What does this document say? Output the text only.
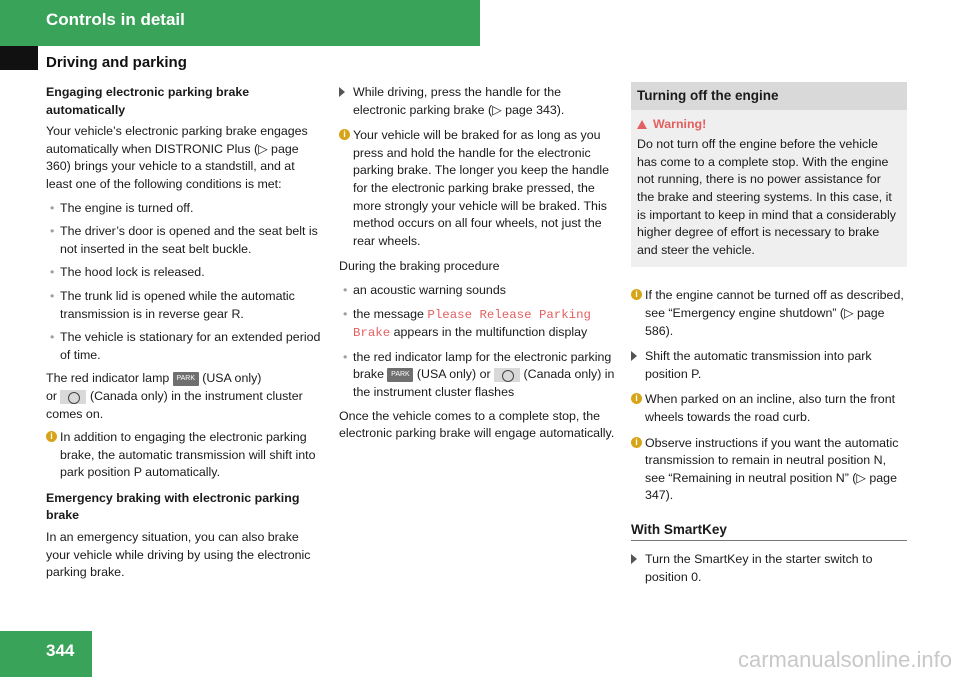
Controls in detail
Driving and parking
Engaging electronic parking brake automatically

Your vehicle’s electronic parking brake engages automatically when DISTRONIC Plus (▷ page 360) brings your vehicle to a standstill, and at least one of the following conditions is met:

• The engine is turned off.
• The driver’s door is opened and the seat belt is not inserted in the seat belt buckle.
• The hood lock is released.
• The trunk lid is opened while the automatic transmission is in reverse gear R.
• The vehicle is stationary for an extended period of time.

The red indicator lamp PARK (USA only)
or	(Canada only) in the instrument cluster comes on.

i In addition to engaging the electronic parking brake, the automatic transmission will shift into park position P automatically.
Emergency braking with electronic parking brake

In an emergency situation, you can also brake your vehicle while driving by using the electronic parking brake.

While driving, press the handle for the electronic parking brake (▷ page 343).
i Your vehicle will be braked for as long as you press and hold the handle for the electronic parking brake. The longer you keep the handle for the electronic parking brake pressed, the more strongly your vehicle will be braked. This method occurs on all four wheels, not just the rear wheels.

During the braking procedure

• an acoustic warning sounds
• the message Please Release Parking Brake appears in the multifunction display
• the red indicator lamp for the electronic parking brake PARK (USA only) or	(Canada only) in the instrument cluster flashes

Once the vehicle comes to a complete stop, the electronic parking brake will engage automatically.

Turning off the engine
Warning!

Do not turn off the engine before the vehicle has come to a complete stop. With the engine not running, there is no power assistance for the brake and steering systems. In this case, it is important to keep in mind that a considerably higher degree of effort is necessary to brake and steer the vehicle.

i If the engine cannot be turned off as described, see “Emergency engine shutdown” (▷ page 586).
Shift the automatic transmission into park position P.
i When parked on an incline, also turn the front wheels towards the road curb.
i Observe instructions if you want the automatic transmission to remain in neutral position N, see “Remaining in neutral position N” (▷ page 347).
With SmartKey
Turn the SmartKey in the starter switch to position 0.
344	carmanualsonline.info
